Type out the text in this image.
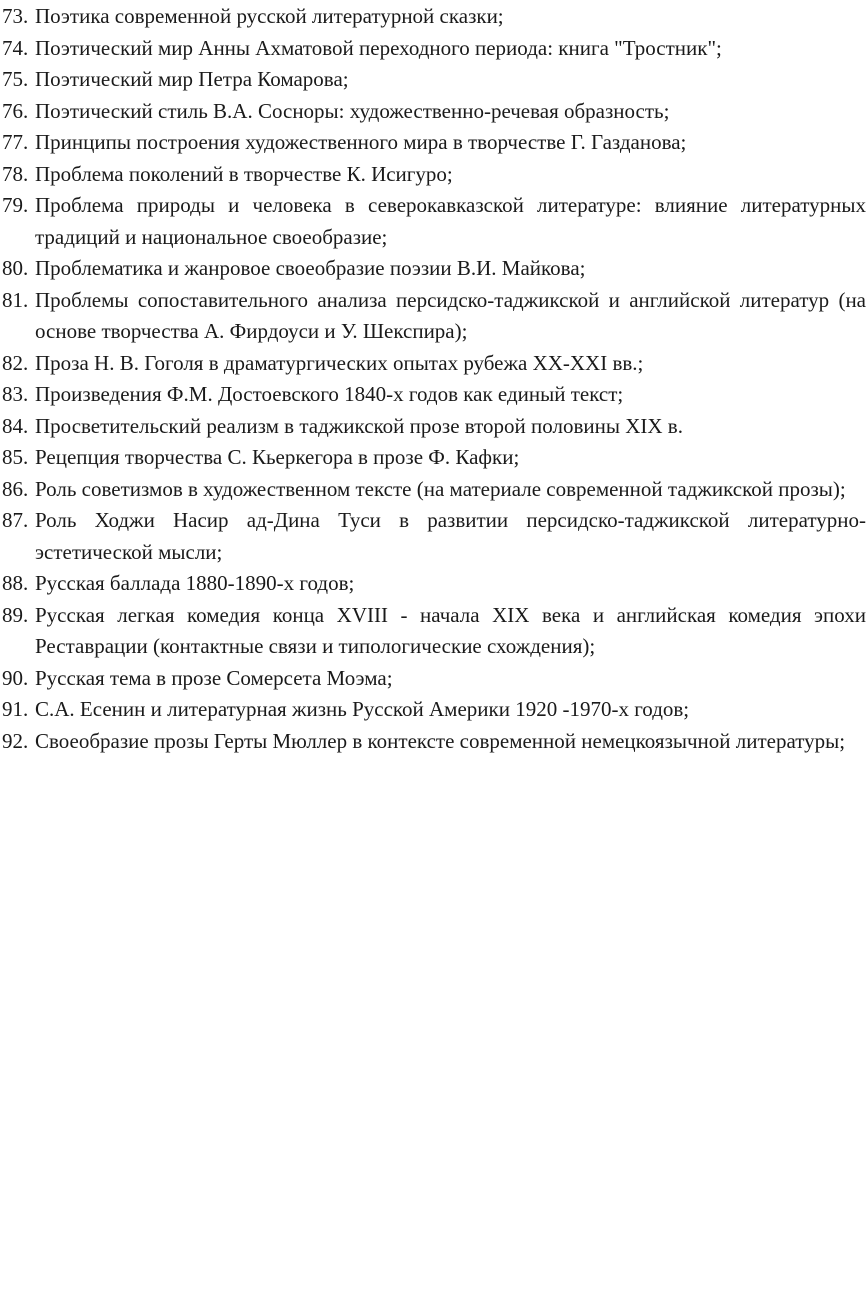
73. Поэтика современной русской литературной сказки;
74. Поэтический мир Анны Ахматовой переходного периода: книга "Тростник";
75. Поэтический мир Петра Комарова;
76. Поэтический стиль В.А. Сосноры: художественно-речевая образность;
77. Принципы построения художественного мира в творчестве Г. Газданова;
78. Проблема поколений в творчестве К. Исигуро;
79. Проблема природы и человека в северокавказской литературе: влияние литературных традиций и национальное своеобразие;
80. Проблематика и жанровое своеобразие поэзии В.И. Майкова;
81. Проблемы сопоставительного анализа персидско-таджикской и английской литератур (на основе творчества А. Фирдоуси и У. Шекспира);
82. Проза Н. В. Гоголя в драматургических опытах рубежа XX-XXI вв.;
83. Произведения Ф.М. Достоевского 1840-х годов как единый текст;
84. Просветительский реализм в таджикской прозе второй половины XIX в.
85. Рецепция творчества С. Кьеркегора в прозе Ф. Кафки;
86. Роль советизмов в художественном тексте (на материале современной таджикской прозы);
87. Роль Ходжи Насир ад-Дина Туси в развитии персидско-таджикской литературно-эстетической мысли;
88. Русская баллада 1880-1890-х годов;
89. Русская легкая комедия конца XVIII - начала XIX века и английская комедия эпохи Реставрации (контактные связи и типологические схождения);
90. Русская тема в прозе Сомерсета Моэма;
91. С.А. Есенин и литературная жизнь Русской Америки 1920 -1970-х годов;
92. Своеобразие прозы Герты Мюллер в контексте современной немецкоязычной литературы;
